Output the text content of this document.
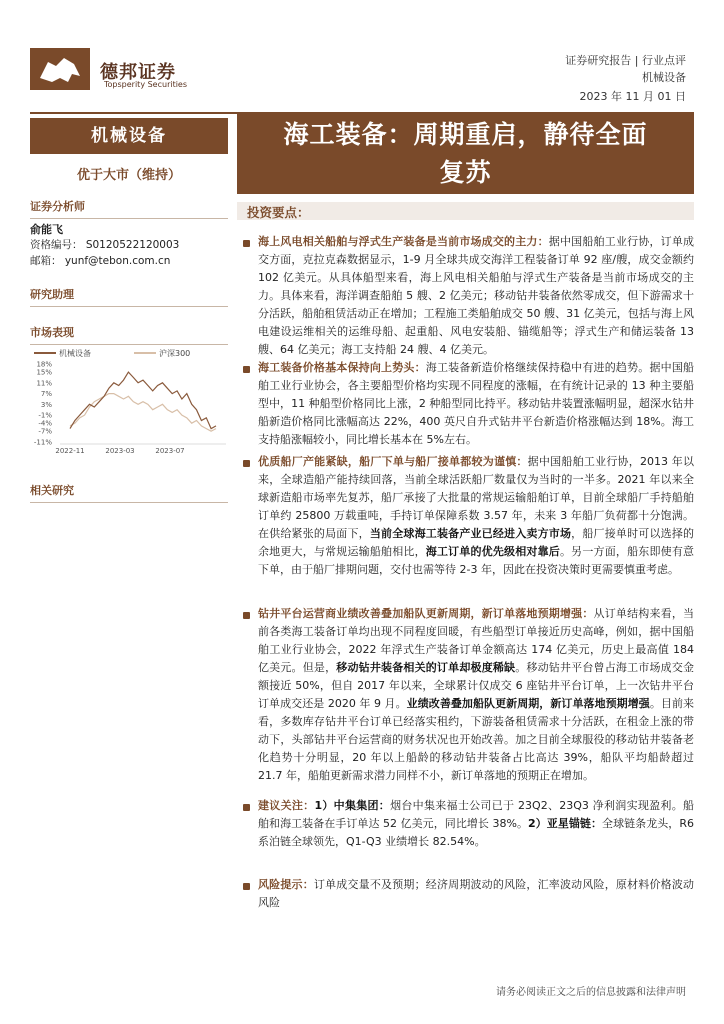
德邦证券
Topsperity Securities
证券研究报告 | 行业点评
机械设备
2023 年 11 月 01 日
机械设备
优于大市（维持）
证券分析师
俞能飞
资格编号： S0120522120003
邮箱： yunf@tebon.com.cn
研究助理
市场表现
机械设备	沪深300
18%
15%
11%
7%
3%
-1%
-4%
-7%
-11%
2022-11	2023-03	2023-07
相关研究
海工装备：周期重启，静待全面
复苏
投资要点：
海上风电相关船舶与浮式生产装备是当前市场成交的主力：据中国船舶工业行协，订单成交方面，克拉克森数据显示，1-9 月全球共成交海洋工程装备订单 92 座/艘，成交金额约 102 亿美元。从具体船型来看，海上风电相关船舶与浮式生产装备是当前市场成交的主力。具体来看，海洋调查船舶 5 艘、2 亿美元；移动钻井装备依然零成交，但下游需求十分活跃，船舶租赁活动正在增加；工程施工类船舶成交 50 艘、31 亿美元，包括与海上风电建设运维相关的运维母船、起重船、风电安装船、锚缆船等；浮式生产和储运装备 13 艘、64 亿美元；海工支持船 24 艘、4 亿美元。
海工装备价格基本保持向上势头：海工装备新造价格继续保持稳中有进的趋势。据中国船舶工业行业协会，各主要船型价格均实现不同程度的涨幅，在有统计记录的 13 种主要船型中，11 种船型价格同比上涨，2 种船型同比持平。移动钻井装置涨幅明显，超深水钻井船新造价格同比涨幅高达 22%，400 英尺自升式钻井平台新造价格涨幅达到 18%。海工支持船涨幅较小，同比增长基本在 5%左右。
优质船厂产能紧缺，船厂下单与船厂接单都较为谨慎：据中国船舶工业行协，2013 年以来，全球造船产能持续回落，当前全球活跃船厂数量仅为当时的一半多。2021 年以来全球新造船市场率先复苏，船厂承接了大批量的常规运输船舶订单，目前全球船厂手持船舶订单约 25800 万载重吨，手持订单保障系数 3.57 年，未来 3 年船厂负荷都十分饱满。在供给紧张的局面下，当前全球海工装备产业已经进入卖方市场，船厂接单时可以选择的余地更大，与常规运输船舶相比，海工订单的优先级相对靠后。另一方面，船东即使有意下单，由于船厂排期问题，交付也需等待 2-3 年，因此在投资决策时更需要慎重考虑。
钻井平台运营商业绩改善叠加船队更新周期，新订单落地预期增强：从订单结构来看，当前各类海工装备订单均出现不同程度回暖，有些船型订单接近历史高峰，例如，据中国船舶工业行业协会，2022 年浮式生产装备订单金额高达 174 亿美元，历史上最高值 184 亿美元。但是，移动钻井装备相关的订单却极度稀缺。移动钻井平台曾占海工市场成交金额接近 50%，但自 2017 年以来，全球累计仅成交 6 座钻井平台订单，上一次钻井平台订单成交还是 2020 年 9 月。业绩改善叠加船队更新周期，新订单落地预期增强。目前来看，多数库存钻井平台订单已经落实租约，下游装备租赁需求十分活跃，在租金上涨的带动下，头部钻井平台运营商的财务状况也开始改善。加之目前全球服役的移动钻井装备老化趋势十分明显，20 年以上船龄的移动钻井装备占比高达 39%，船队平均船龄超过 21.7 年，船舶更新需求潜力同样不小，新订单落地的预期正在增加。
建议关注：1）中集集团：烟台中集来福士公司已于 23Q2、23Q3 净利润实现盈利。船舶和海工装备在手订单达 52 亿美元，同比增长 38%。2）亚星锚链：全球链条龙头，R6 系泊链全球领先，Q1-Q3 业绩增长 82.54%。
风险提示：订单成交量不及预期；经济周期波动的风险，汇率波动风险，原材料价格波动风险
请务必阅读正文之后的信息披露和法律声明
